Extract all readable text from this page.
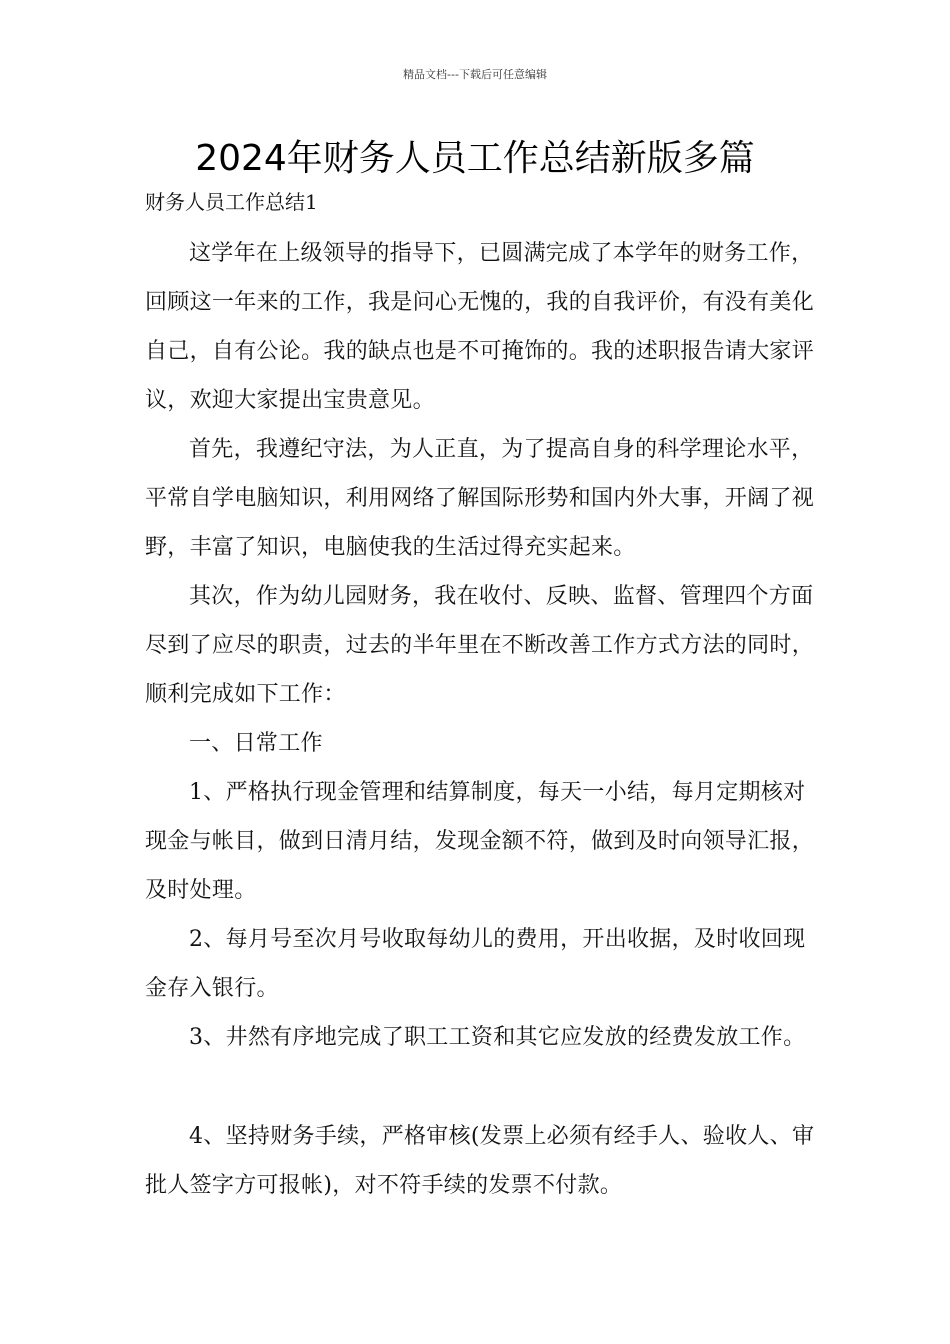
精品文档---下载后可任意编辑
2024年财务人员工作总结新版多篇
财务人员工作总结1

这学年在上级领导的指导下，已圆满完成了本学年的财务工作，回顾这一年来的工作，我是问心无愧的，我的自我评价，有没有美化自己，自有公论。我的缺点也是不可掩饰的。我的述职报告请大家评议，欢迎大家提出宝贵意见。

首先，我遵纪守法，为人正直，为了提高自身的科学理论水平，平常自学电脑知识，利用网络了解国际形势和国内外大事，开阔了视野，丰富了知识，电脑使我的生活过得充实起来。

其次，作为幼儿园财务，我在收付、反映、监督、管理四个方面尽到了应尽的职责，过去的半年里在不断改善工作方式方法的同时，顺利完成如下工作：

一、日常工作

1、严格执行现金管理和结算制度，每天一小结，每月定期核对现金与帐目，做到日清月结，发现金额不符，做到及时向领导汇报，及时处理。

2、每月号至次月号收取每幼儿的费用，开出收据，及时收回现金存入银行。

3、井然有序地完成了职工工资和其它应发放的经费发放工作。

4、坚持财务手续，严格审核(发票上必须有经手人、验收人、审批人签字方可报帐)，对不符手续的发票不付款。
